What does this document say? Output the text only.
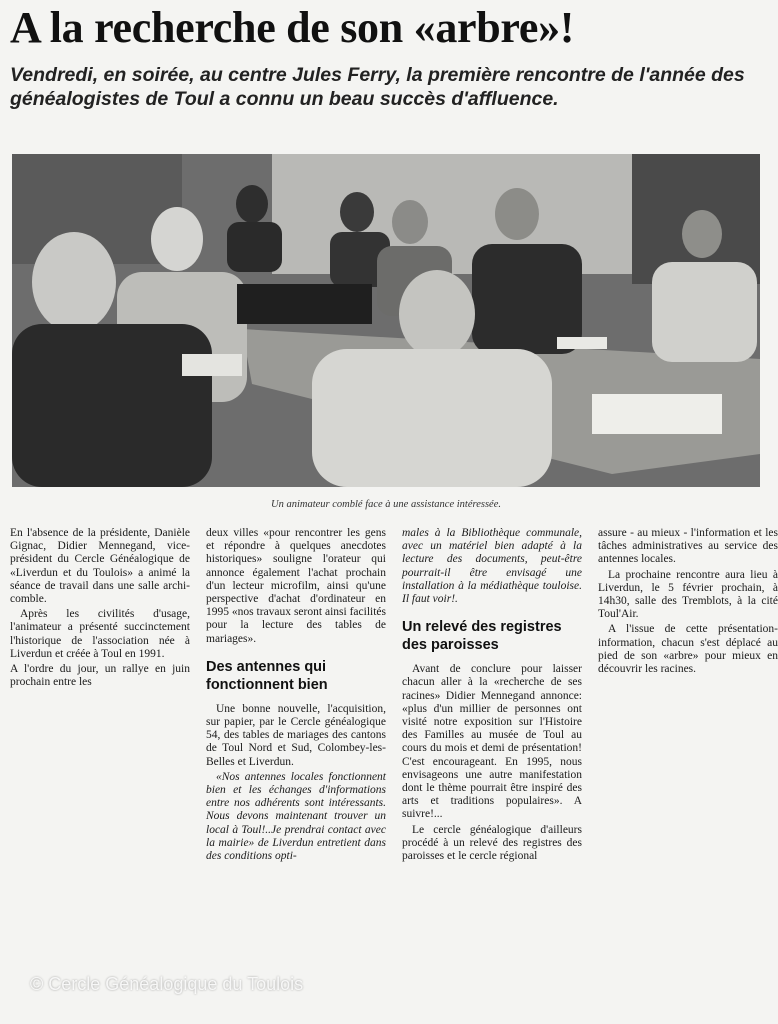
A la recherche de son «arbre»!

Vendredi, en soirée, au centre Jules Ferry, la première rencontre de l'année des généalogistes de Toul a connu un beau succès d'affluence.

Un animateur comblé face à une assistance intéressée.

En l'absence de la présidente, Danièle Gignac, Didier Mennegand, vice-président du Cercle Généalogique de «Liverdun et du Toulois» a animé la séance de travail dans une salle archi-comble.

Après les civilités d'usage, l'animateur a présenté succinctement l'historique de l'association née à Liverdun et créée à Toul en 1991.

A l'ordre du jour, un rallye en juin prochain entre les

deux villes «pour rencontrer les gens et répondre à quelques anecdotes historiques» souligne l'orateur qui annonce également l'achat prochain d'un lecteur microfilm, ainsi qu'une perspective d'achat d'ordinateur en 1995 «nos travaux seront ainsi facilités pour la lecture des tables de mariages».

Des antennes qui fonctionnent bien

Une bonne nouvelle, l'acquisition, sur papier, par le Cercle généalogique 54, des tables de mariages des cantons de Toul Nord et Sud, Colombey-les-Belles et Liverdun.

«Nos antennes locales fonctionnent bien et les échanges d'informations entre nos adhérents sont intéressants. Nous devons maintenant trouver un local à Toul!..Je prendrai contact avec la mairie» de Liverdun entretient dans des conditions opti-

males à la Bibliothèque communale, avec un matériel bien adapté à la lecture des documents, peut-être pourrait-il être envisagé une installation à la médiathèque touloise. Il faut voir!.

Un relevé des registres des paroisses

Avant de conclure pour laisser chacun aller à la «recherche de ses racines» Didier Mennegand annonce: «plus d'un millier de personnes ont visité notre exposition sur l'Histoire des Familles au musée de Toul au cours du mois et demi de présentation! C'est encourageant. En 1995, nous envisageons une autre manifestation dont le thème pourrait être inspiré des arts et traditions populaires». A suivre!...

Le cercle généalogique d'ailleurs procédé à un relevé des registres des paroisses et le cercle régional

assure - au mieux - l'information et les tâches administratives au service des antennes locales.

La prochaine rencontre aura lieu à Liverdun, le 5 février prochain, à 14h30, salle des Tremblots, à la cité Toul'Air.

A l'issue de cette présentation-information, chacun s'est déplacé au pied de son «arbre» pour mieux en découvrir les racines.

© Cercle Généalogique du Toulois
